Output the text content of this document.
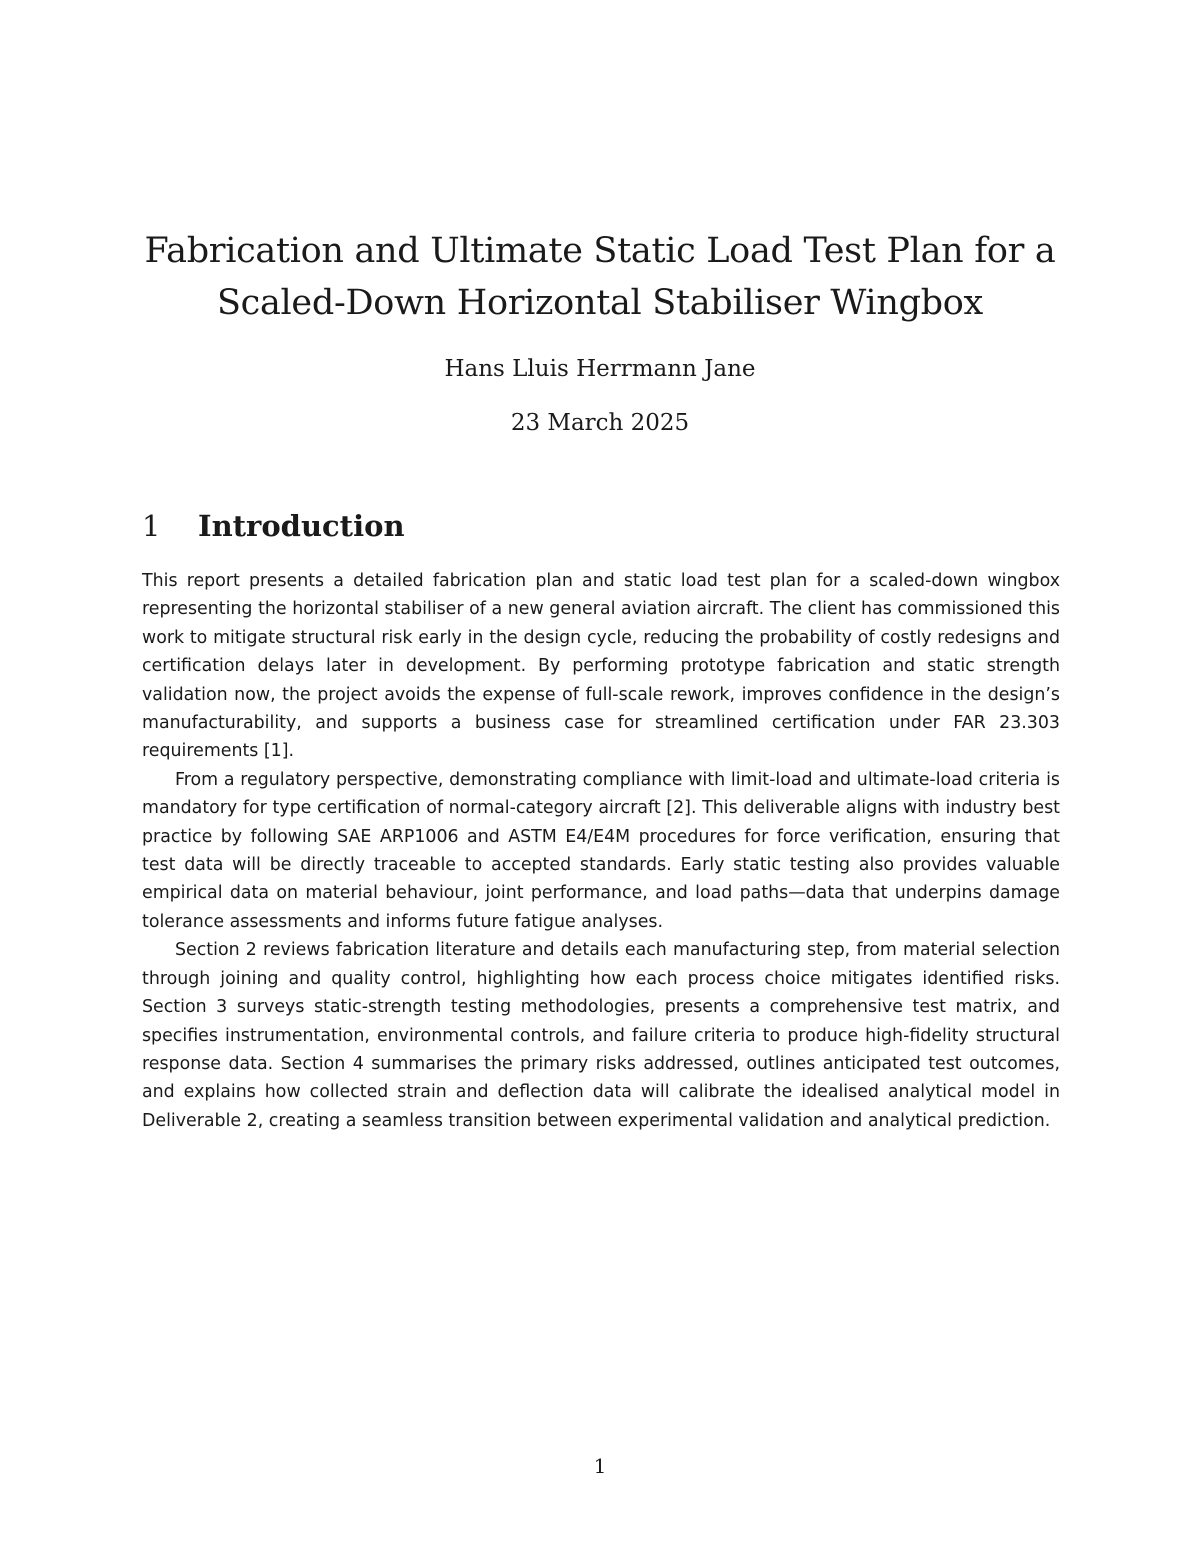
Fabrication and Ultimate Static Load Test Plan for a
Scaled-Down Horizontal Stabiliser Wingbox
Hans Lluis Herrmann Jane
23 March 2025
1 Introduction

This report presents a detailed fabrication plan and static load test plan for a scaled-down wingbox representing the horizontal stabiliser of a new general aviation aircraft. The client has commissioned this work to mitigate structural risk early in the design cycle, reducing the probability of costly redesigns and certification delays later in development. By performing prototype fabrication and static strength validation now, the project avoids the expense of full-scale rework, improves confidence in the design’s manufacturability, and supports a business case for streamlined certification under FAR 23.303 requirements [1].

From a regulatory perspective, demonstrating compliance with limit-load and ultimate-load criteria is mandatory for type certification of normal-category aircraft [2]. This deliverable aligns with industry best practice by following SAE ARP1006 and ASTM E4/E4M procedures for force verification, ensuring that test data will be directly traceable to accepted standards. Early static testing also provides valuable empirical data on material behaviour, joint performance, and load paths—data that underpins damage tolerance assessments and informs future fatigue analyses.

Section 2 reviews fabrication literature and details each manufacturing step, from material selection through joining and quality control, highlighting how each process choice mitigates identified risks. Section 3 surveys static-strength testing methodologies, presents a comprehensive test matrix, and specifies instrumentation, environmental controls, and failure criteria to produce high-fidelity structural response data. Section 4 summarises the primary risks addressed, outlines anticipated test outcomes, and explains how collected strain and deflection data will calibrate the idealised analytical model in Deliverable 2, creating a seamless transition between experimental validation and analytical prediction.

1
